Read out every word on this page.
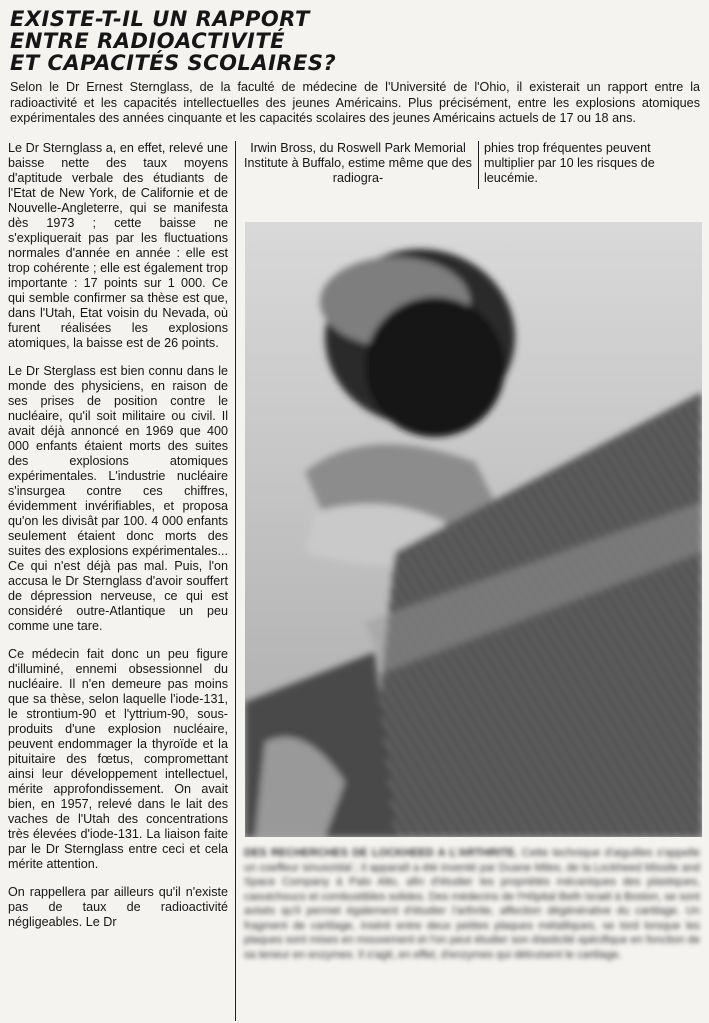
EXISTE-T-IL UN RAPPORT
ENTRE RADIOACTIVITÉ
ET CAPACITÉS SCOLAIRES?

Selon le Dr Ernest Sternglass, de la faculté de médecine de l'Université de l'Ohio, il existerait un rapport entre la radioactivité et les capacités intellectuelles des jeunes Américains. Plus précisément, entre les explosions atomiques expérimentales des années cinquante et les capacités scolaires des jeunes Américains actuels de 17 ou 18 ans.

Le Dr Sternglass a, en effet, relevé une baisse nette des taux moyens d'aptitude verbale des étudiants de l'Etat de New York, de Californie et de Nouvelle-Angleterre, qui se manifesta dès 1973 ; cette baisse ne s'expliquerait pas par les fluctuations normales d'année en année : elle est trop cohérente ; elle est également trop importante : 17 points sur 1 000. Ce qui semble confirmer sa thèse est que, dans l'Utah, Etat voisin du Nevada, où furent réalisées les explosions atomiques, la baisse est de 26 points.

Le Dr Sterglass est bien connu dans le monde des physiciens, en raison de ses prises de position contre le nucléaire, qu'il soit militaire ou civil. Il avait déjà annoncé en 1969 que 400 000 enfants étaient morts des suites des explosions atomiques expérimentales. L'industrie nucléaire s'insurgea contre ces chiffres, évidemment invérifiables, et proposa qu'on les divisât par 100. 4 000 enfants seulement étaient donc morts des suites des explosions expérimentales... Ce qui n'est déjà pas mal. Puis, l'on accusa le Dr Sternglass d'avoir souffert de dépression nerveuse, ce qui est considéré outre-Atlantique un peu comme une tare.

Ce médecin fait donc un peu figure d'illuminé, ennemi obsessionnel du nucléaire. Il n'en demeure pas moins que sa thèse, selon laquelle l'iode-131, le strontium-90 et l'yttrium-90, sous-produits d'une explosion nucléaire, peuvent endommager la thyroïde et la pituitaire des fœtus, compromettant ainsi leur développement intellectuel, mérite approfondissement. On avait bien, en 1957, relevé dans le lait des vaches de l'Utah des concentrations très élevées d'iode-131. La liaison faite par le Dr Sternglass entre ceci et cela mérite attention.

On rappellera par ailleurs qu'il n'existe pas de taux de radioactivité négligeables. Le Dr

Irwin Bross, du Roswell Park Memorial Institute à Buffalo, estime même que des radiogra-

phies trop fréquentes peuvent multiplier par 10 les risques de leucémie.

DES RECHERCHES DE LOCKHEED A L'ARTHRITE. Cette technique d'aiguilles s'appelle un coeffeur sinusoïdal ; il apparaît a été inventé par Duane Miles, de la Lockheed Missile and Space Company à Palo Alto, afin d'étudier les propriétés mécaniques des plastiques, caoutchoucs et combustibles solides. Des médecins de l'Hôpital Beth Israël à Boston, se sont avisés qu'il permet également d'étudier l'arthrite, affection dégénérative du cartilage. Un fragment de cartilage, inséré entre deux petites plaques métalliques, se tord lorsque les plaques sont mises en mouvement et l'on peut étudier son élasticité spécifique en fonction de sa teneur en enzymes. Il s'agit, en effet, d'enzymes qui détruisent le cartilage.
